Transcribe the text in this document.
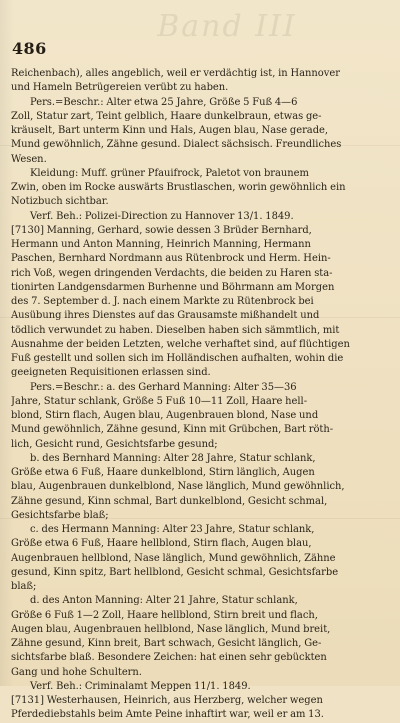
Band III
486
Reichenbach), alles angeblich, weil er verdächtig ist, in Hannover
und Hameln Betrügereien verübt zu haben.
Pers.=Beschr.: Alter etwa 25 Jahre, Größe 5 Fuß 4—6
Zoll, Statur zart, Teint gelblich, Haare dunkelbraun, etwas ge-
kräuselt, Bart unterm Kinn und Hals, Augen blau, Nase gerade,
Mund gewöhnlich, Zähne gesund. Dialect sächsisch. Freundliches
Wesen.
Kleidung: Muff. grüner Pfauifrock, Paletot von braunem
Zwin, oben im Rocke auswärts Brustlaschen, worin gewöhnlich ein
Notizbuch sichtbar.
Verf. Beh.: Polizei-Direction zu Hannover 13/1. 1849.
[7130] Manning, Gerhard, sowie dessen 3 Brüder Bernhard,
Hermann und Anton Manning, Heinrich Manning, Hermann
Paschen, Bernhard Nordmann aus Rütenbrock und Herm. Hein-
rich Voß, wegen dringenden Verdachts, die beiden zu Haren sta-
tionirten Landgensdarmen Burhenne und Böhrmann am Morgen
des 7. September d. J. nach einem Markte zu Rütenbrock bei
Ausübung ihres Dienstes auf das Grausamste mißhandelt und
tödlich verwundet zu haben. Dieselben haben sich sämmtlich, mit
Ausnahme der beiden Letzten, welche verhaftet sind, auf flüchtigen
Fuß gestellt und sollen sich im Holländischen aufhalten, wohin die
geeigneten Requisitionen erlassen sind.
Pers.=Beschr.: a. des Gerhard Manning: Alter 35—36
Jahre, Statur schlank, Größe 5 Fuß 10—11 Zoll, Haare hell-
blond, Stirn flach, Augen blau, Augenbrauen blond, Nase und
Mund gewöhnlich, Zähne gesund, Kinn mit Grübchen, Bart röth-
lich, Gesicht rund, Gesichtsfarbe gesund;
b. des Bernhard Manning: Alter 28 Jahre, Statur schlank,
Größe etwa 6 Fuß, Haare dunkelblond, Stirn länglich, Augen
blau, Augenbrauen dunkelblond, Nase länglich, Mund gewöhnlich,
Zähne gesund, Kinn schmal, Bart dunkelblond, Gesicht schmal,
Gesichtsfarbe blaß;
c. des Hermann Manning: Alter 23 Jahre, Statur schlank,
Größe etwa 6 Fuß, Haare hellblond, Stirn flach, Augen blau,
Augenbrauen hellblond, Nase länglich, Mund gewöhnlich, Zähne
gesund, Kinn spitz, Bart hellblond, Gesicht schmal, Gesichtsfarbe
blaß;
d. des Anton Manning: Alter 21 Jahre, Statur schlank,
Größe 6 Fuß 1—2 Zoll, Haare hellblond, Stirn breit und flach,
Augen blau, Augenbrauen hellblond, Nase länglich, Mund breit,
Zähne gesund, Kinn breit, Bart schwach, Gesicht länglich, Ge-
sichtsfarbe blaß. Besondere Zeichen: hat einen sehr gebückten
Gang und hohe Schultern.
Verf. Beh.: Criminalamt Meppen 11/1. 1849.
[7131] Westerhausen, Heinrich, aus Herzberg, welcher wegen
Pferdediebstahls beim Amte Peine inhaftirt war, weil er am 13.
